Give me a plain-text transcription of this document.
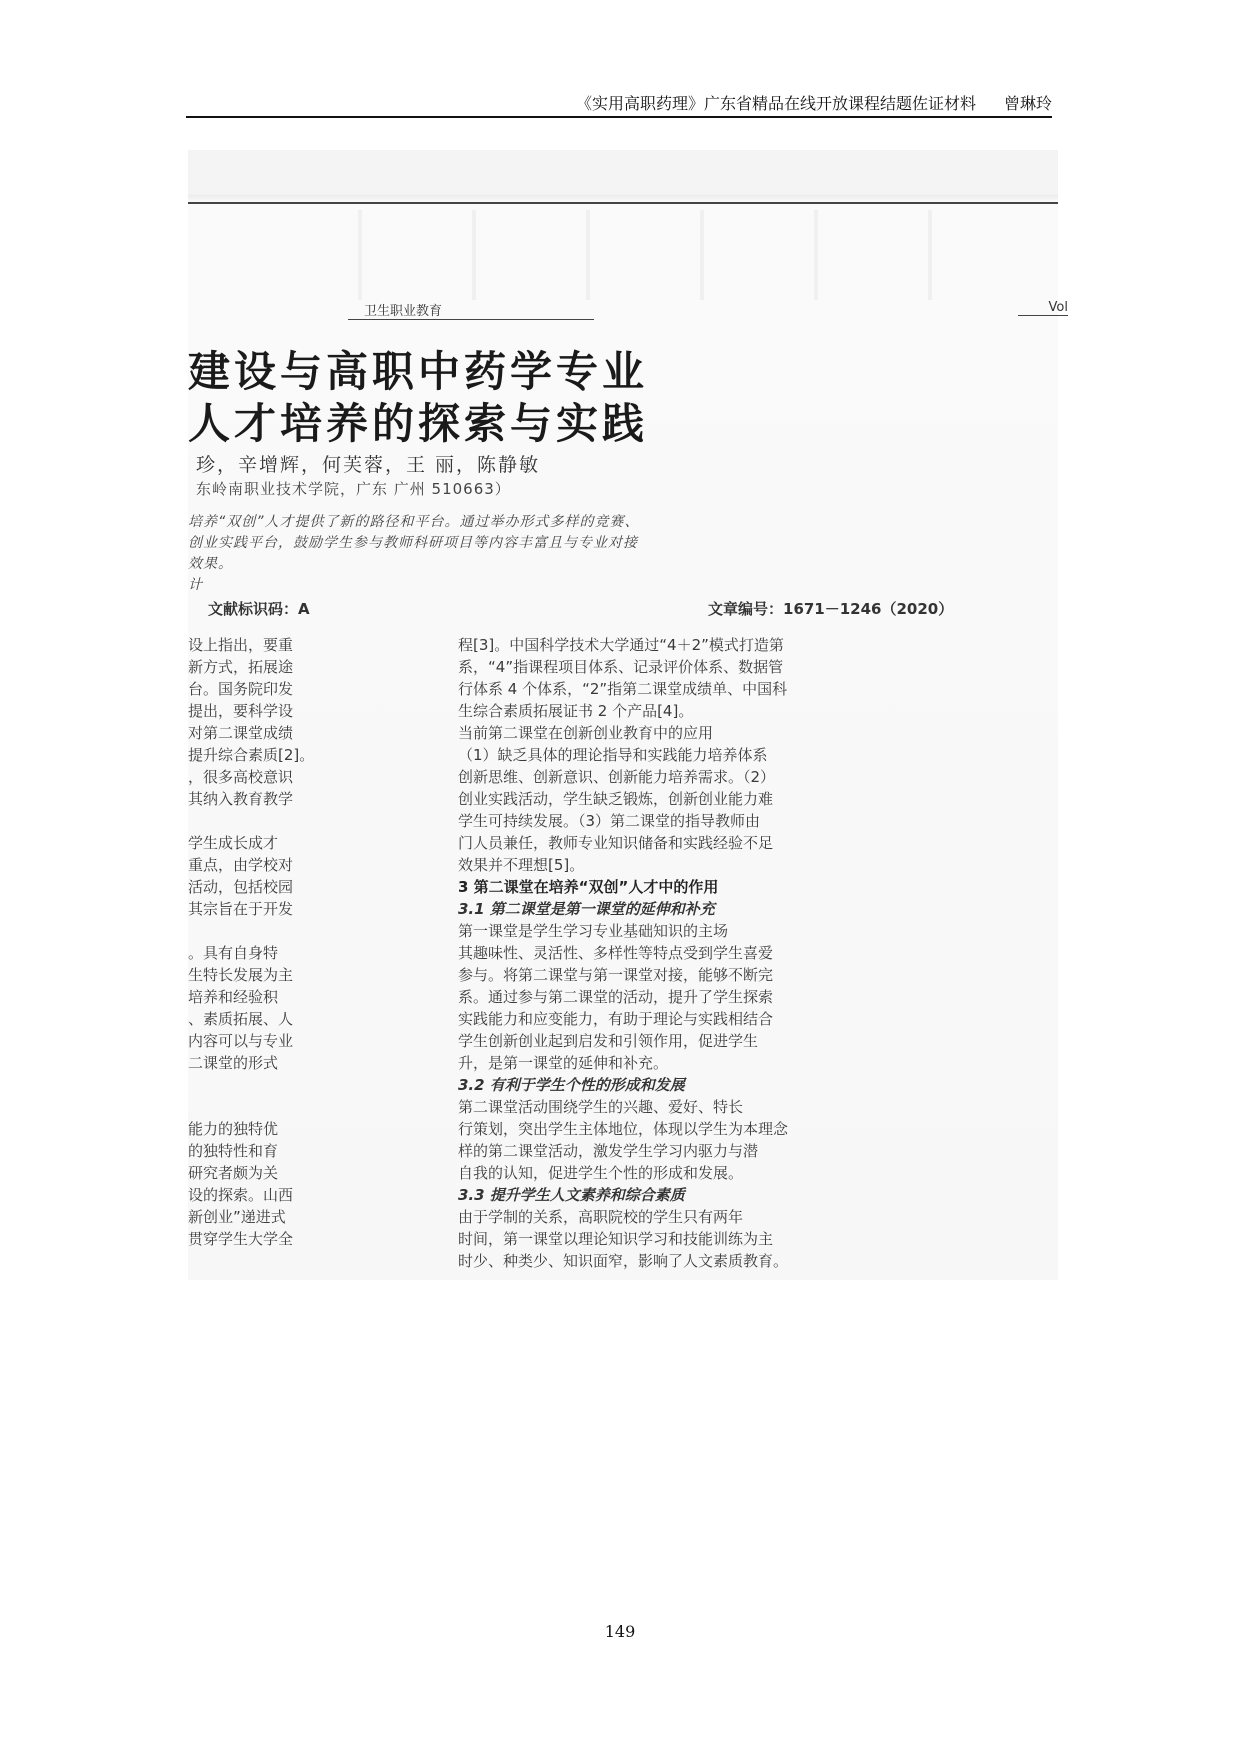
《实用高职药理》广东省精品在线开放课程结题佐证材料 曾琳玲
卫生职业教育	Vol
建设与高职中药学专业
人才培养的探索与实践
珍，辛增辉，何芙蓉，王 丽，陈静敏
东岭南职业技术学院，广东 广州 510663）
培养“双创”人才提供了新的路径和平台。通过举办形式多样的竞赛、
创业实践平台，鼓励学生参与教师科研项目等内容丰富且与专业对接
效果。
计
文献标识码：A	文章编号：1671－1246（2020）

设上指出，要重

新方式，拓展途

台。国务院印发

提出，要科学设

对第二课堂成绩

提升综合素质[2]。

，很多高校意识

其纳入教育教学

学生成长成才

重点，由学校对

活动，包括校园

其宗旨在于开发

。具有自身特

生特长发展为主

培养和经验积

、素质拓展、人

内容可以与专业

二课堂的形式

能力的独特优

的独特性和育

研究者颇为关

设的探索。山西

新创业”递进式

贯穿学生大学全

程[3]。中国科学技术大学通过“4＋2”模式打造第

系，“4”指课程项目体系、记录评价体系、数据管

行体系 4 个体系，“2”指第二课堂成绩单、中国科

生综合素质拓展证书 2 个产品[4]。

当前第二课堂在创新创业教育中的应用

（1）缺乏具体的理论指导和实践能力培养体系

创新思维、创新意识、创新能力培养需求。（2）

创业实践活动，学生缺乏锻炼，创新创业能力难

学生可持续发展。（3）第二课堂的指导教师由

门人员兼任，教师专业知识储备和实践经验不足

效果并不理想[5]。

3 第二课堂在培养“双创”人才中的作用

3.1 第二课堂是第一课堂的延伸和补充

第一课堂是学生学习专业基础知识的主场

其趣味性、灵活性、多样性等特点受到学生喜爱

参与。将第二课堂与第一课堂对接，能够不断完

系。通过参与第二课堂的活动，提升了学生探索

实践能力和应变能力，有助于理论与实践相结合

学生创新创业起到启发和引领作用，促进学生

升，是第一课堂的延伸和补充。

3.2 有利于学生个性的形成和发展

第二课堂活动围绕学生的兴趣、爱好、特长

行策划，突出学生主体地位，体现以学生为本理念

样的第二课堂活动，激发学生学习内驱力与潜

自我的认知，促进学生个性的形成和发展。

3.3 提升学生人文素养和综合素质

由于学制的关系，高职院校的学生只有两年

时间，第一课堂以理论知识学习和技能训练为主

时少、种类少、知识面窄，影响了人文素质教育。

149
